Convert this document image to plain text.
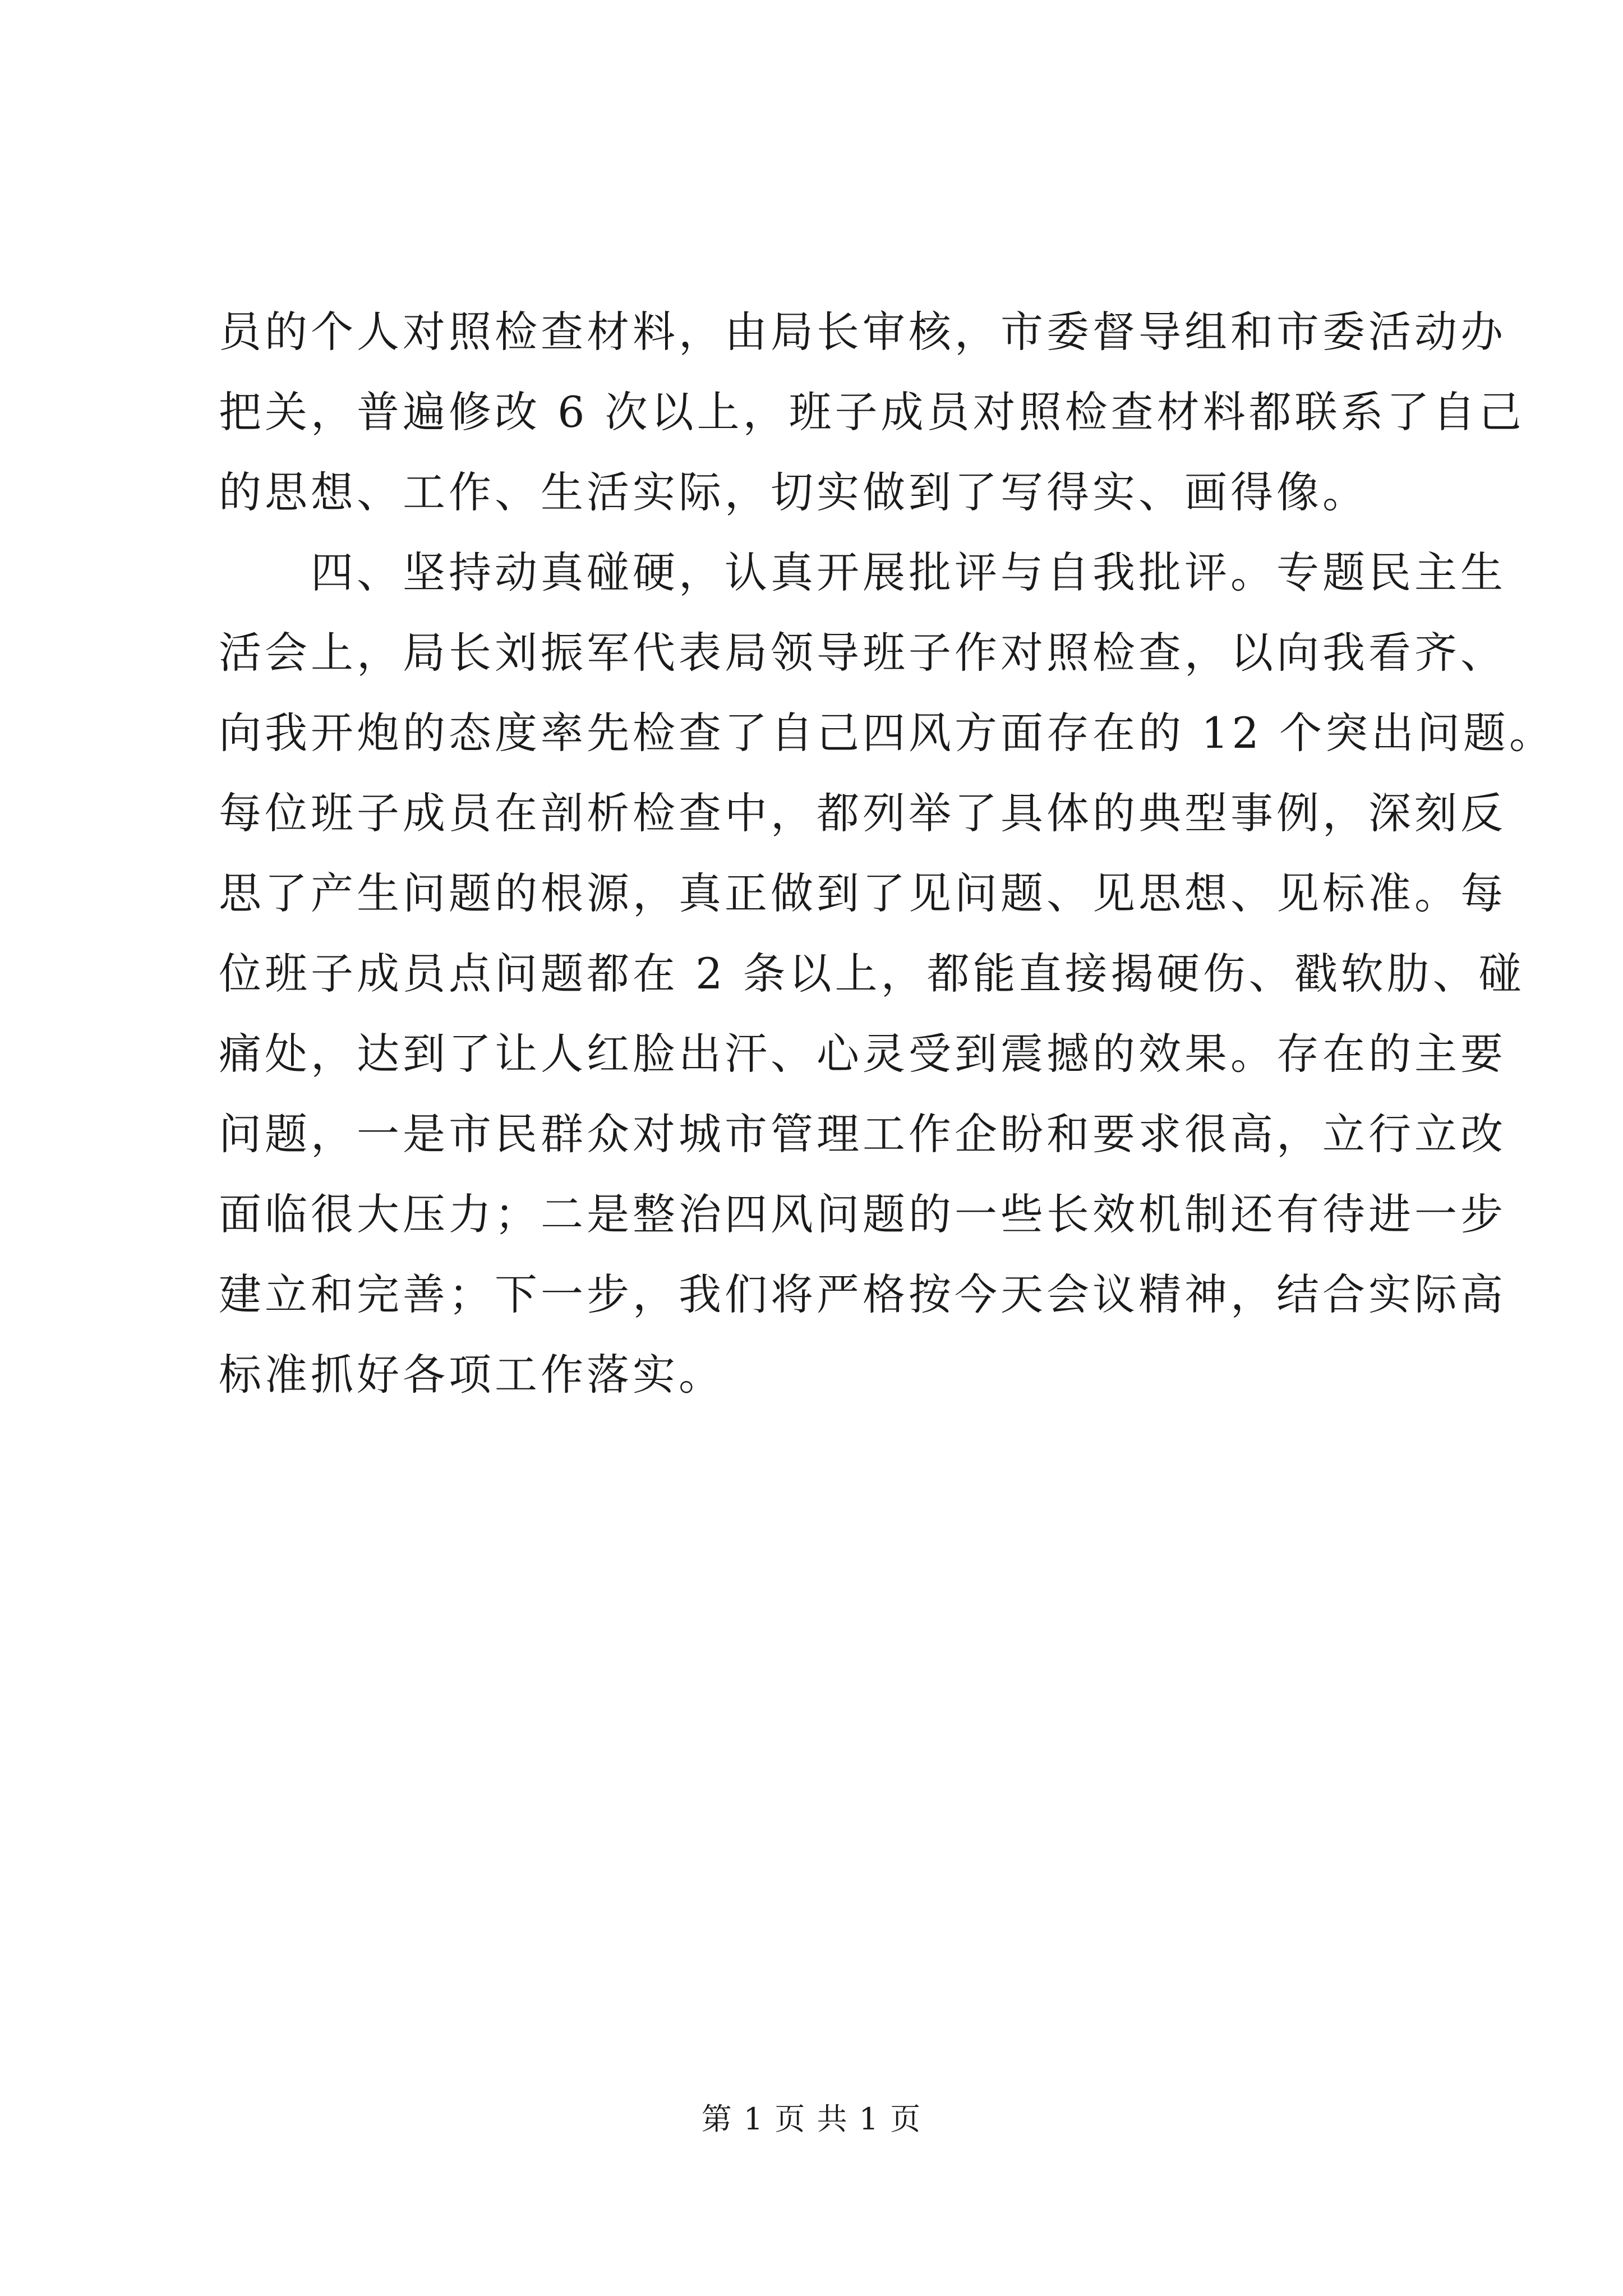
员的个人对照检查材料，由局长审核，市委督导组和市委活动办
把关，普遍修改 6 次以上，班子成员对照检查材料都联系了自己
的思想、工作、生活实际，切实做到了写得实、画得像。
　　四、坚持动真碰硬，认真开展批评与自我批评。专题民主生
活会上，局长刘振军代表局领导班子作对照检查，以向我看齐、
向我开炮的态度率先检查了自己四风方面存在的 12 个突出问题。
每位班子成员在剖析检查中，都列举了具体的典型事例，深刻反
思了产生问题的根源，真正做到了见问题、见思想、见标准。每
位班子成员点问题都在 2 条以上，都能直接揭硬伤、戳软肋、碰
痛处，达到了让人红脸出汗、心灵受到震撼的效果。存在的主要
问题，一是市民群众对城市管理工作企盼和要求很高，立行立改
面临很大压力；二是整治四风问题的一些长效机制还有待进一步
建立和完善；下一步，我们将严格按今天会议精神，结合实际高
标准抓好各项工作落实。
第 1 页 共 1 页
